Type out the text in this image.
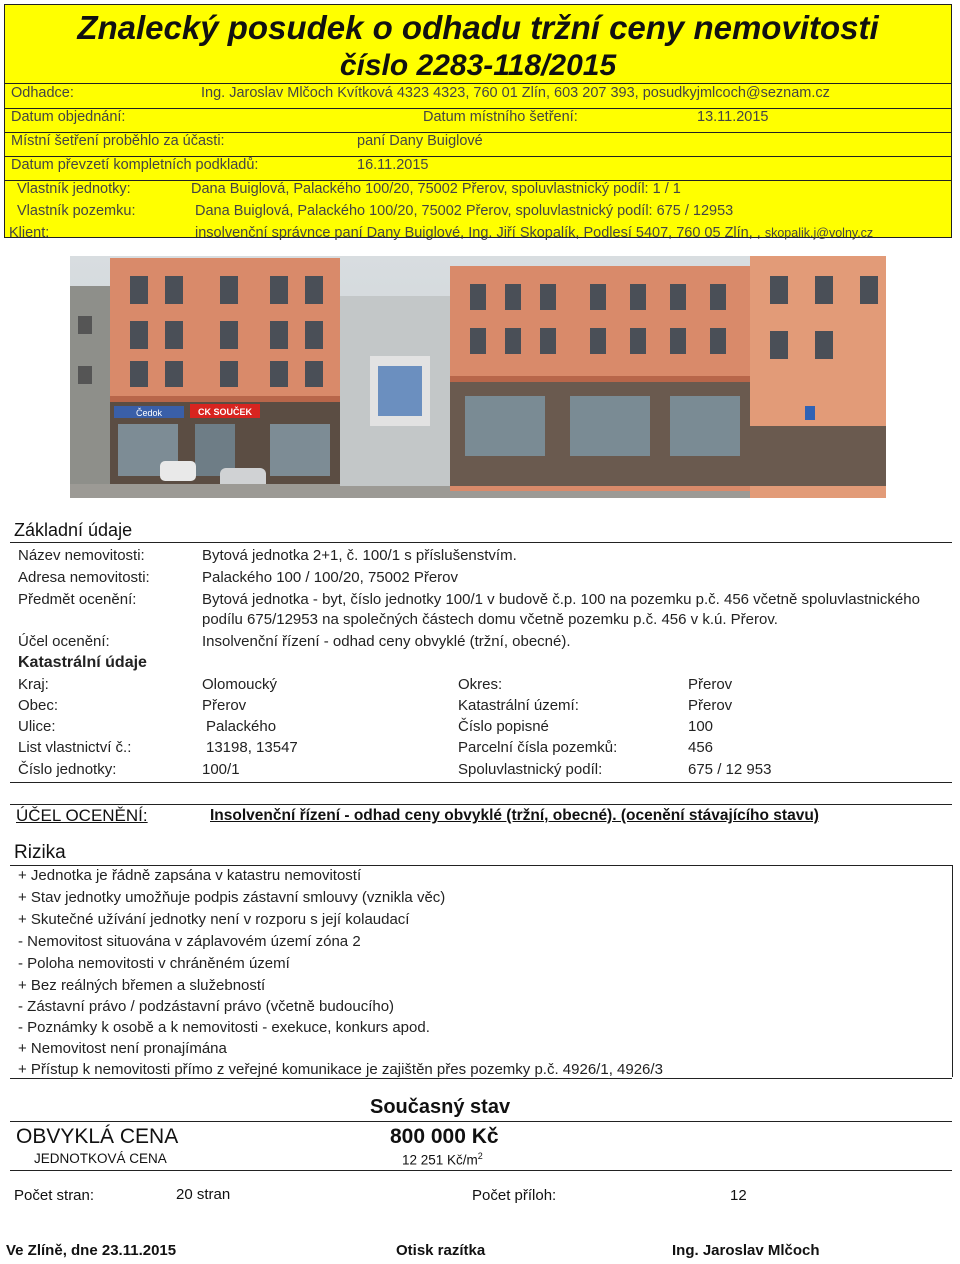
Znalecký posudek o odhadu tržní ceny nemovitosti
číslo 2283-118/2015
Odhadce:	Ing. Jaroslav Mlčoch Kvítková 4323 4323, 760 01 Zlín, 603 207 393, posudkyjmlcoch@seznam.cz
Datum objednání:	Datum místního šetření:	13.11.2015
Místní šetření proběhlo za účasti:	paní Dany Buiglové
Datum převzetí kompletních podkladů:	16.11.2015
Vlastník jednotky:	Dana Buiglová, Palackého 100/20, 75002 Přerov, spoluvlastnický podíl: 1 / 1
Vlastník pozemku:	Dana Buiglová, Palackého 100/20, 75002 Přerov, spoluvlastnický podíl: 675 / 12953
Klient:	insolvenční správnce paní Dany Buiglové, Ing. Jiří Skopalík, Podlesí 5407, 760 05 Zlín, , skopalik.j@volny.cz
Čedok	CK SOUČEK
Základní údaje
Název nemovitosti:	Bytová jednotka 2+1, č. 100/1 s příslušenstvím.
Adresa nemovitosti:	Palackého 100 / 100/20, 75002 Přerov
Předmět ocenění:	Bytová jednotka - byt, číslo jednotky 100/1 v budově č.p. 100 na pozemku p.č. 456 včetně spoluvlastnického
podílu 675/12953 na společných částech domu včetně pozemku p.č. 456 v k.ú. Přerov.
Účel ocenění:	Insolvenční řízení - odhad ceny obvyklé (tržní, obecné).
Katastrální údaje
Kraj:	Olomoucký	Okres:	Přerov
Obec:	Přerov	Katastrální území:	Přerov
Ulice:	Palackého	Číslo popisné	100
List vlastnictví č.:	13198, 13547	Parcelní čísla pozemků:	456
Číslo jednotky:	100/1	Spoluvlastnický podíl:	675 / 12 953
ÚČEL OCENĚNÍ:	Insolvenční řízení - odhad ceny obvyklé (tržní, obecné). (ocenění stávajícího stavu)
Rizika
+ Jednotka je řádně zapsána v katastru nemovitostí
+ Stav jednotky umožňuje podpis zástavní smlouvy (vznikla věc)
+ Skutečné užívání jednotky není v rozporu s její kolaudací
- Nemovitost situována v záplavovém území zóna 2
- Poloha nemovitosti v chráněném území
+ Bez reálných břemen a služebností
- Zástavní právo / podzástavní právo (včetně budoucího)
- Poznámky k osobě a k nemovitosti - exekuce, konkurs apod.
+ Nemovitost není pronajímána
+ Přístup k nemovitosti přímo z veřejné komunikace je zajištěn přes pozemky p.č. 4926/1, 4926/3
Současný stav
OBVYKLÁ CENA	800 000 Kč
JEDNOTKOVÁ CENA	12 251 $Kč/m^2$
Počet stran:	20 stran	Počet příloh:	12
Ve Zlíně, dne 23.11.2015	Otisk razítka	Ing. Jaroslav Mlčoch
